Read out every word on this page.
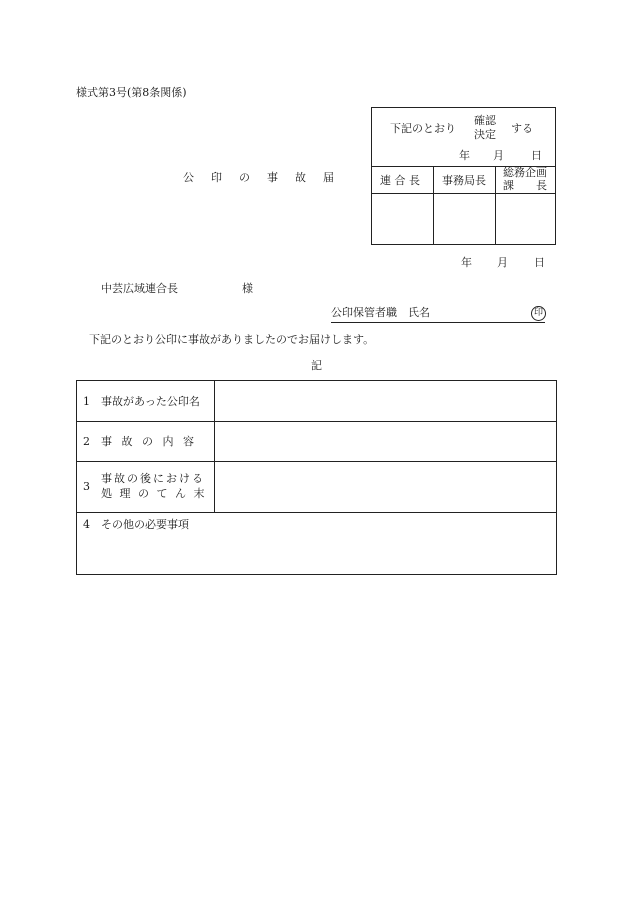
様式第3号(第8条関係)
公印の事故届
下記のとおり
確認
決定 する
年 月 日
連 合 長 事務局長
総務企画
課　　長
年 月 日
中芸広域連合長	様
公印保管者職　氏名	印
下記のとおり公印に事故がありましたのでお届けします。
記
1 事故があった公印名
2 事 故 の 内 容
3
事故の後における
処 理 の て ん 末
4 その他の必要事項
